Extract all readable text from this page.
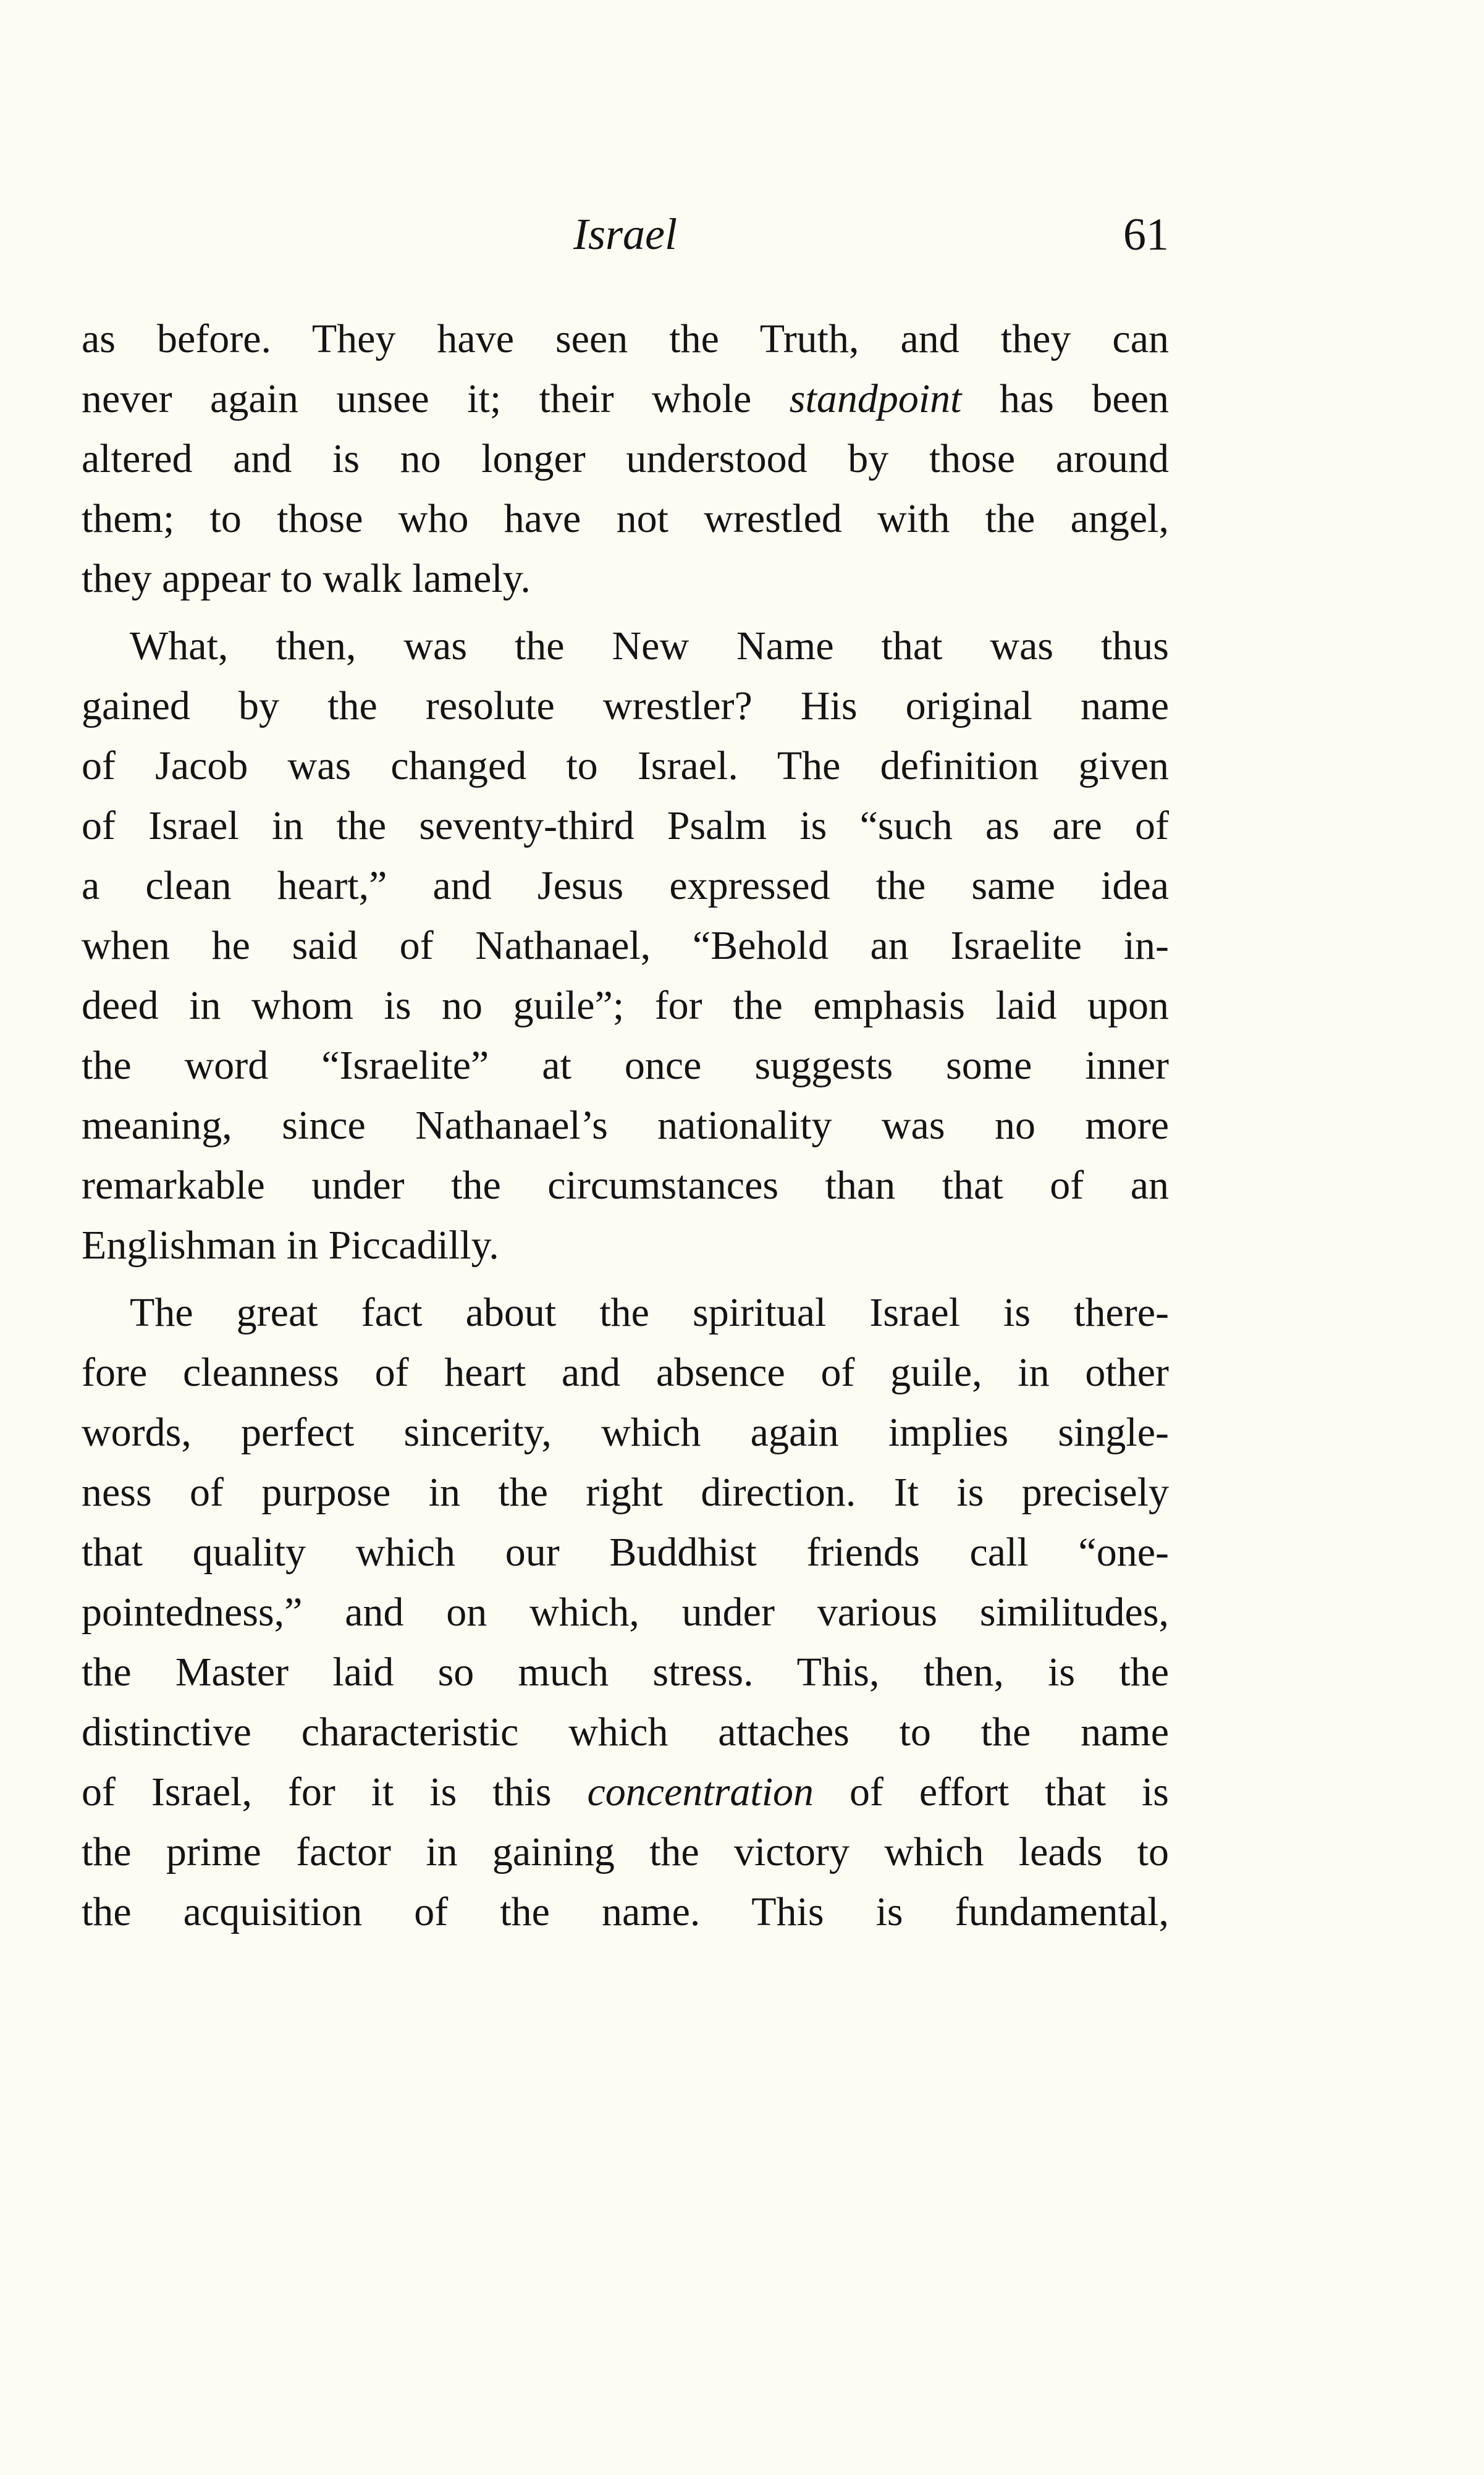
Israel	61

as before. They have seen the Truth, and they can
never again unsee it; their whole standpoint has been
altered and is no longer understood by those around
them; to those who have not wrestled with the angel,
they appear to walk lamely.

What, then, was the New Name that was thus
gained by the resolute wrestler? His original name
of Jacob was changed to Israel. The definition given
of Israel in the seventy-third Psalm is “such as are of
a clean heart,” and Jesus expressed the same idea
when he said of Nathanael, “Behold an Israelite in-
deed in whom is no guile”; for the emphasis laid upon
the word “Israelite” at once suggests some inner
meaning, since Nathanael’s nationality was no more
remarkable under the circumstances than that of an
Englishman in Piccadilly.

The great fact about the spiritual Israel is there-
fore cleanness of heart and absence of guile, in other
words, perfect sincerity, which again implies single-
ness of purpose in the right direction. It is precisely
that quality which our Buddhist friends call “one-
pointedness,” and on which, under various similitudes,
the Master laid so much stress. This, then, is the
distinctive characteristic which attaches to the name
of Israel, for it is this concentration of effort that is
the prime factor in gaining the victory which leads to
the acquisition of the name. This is fundamental,
